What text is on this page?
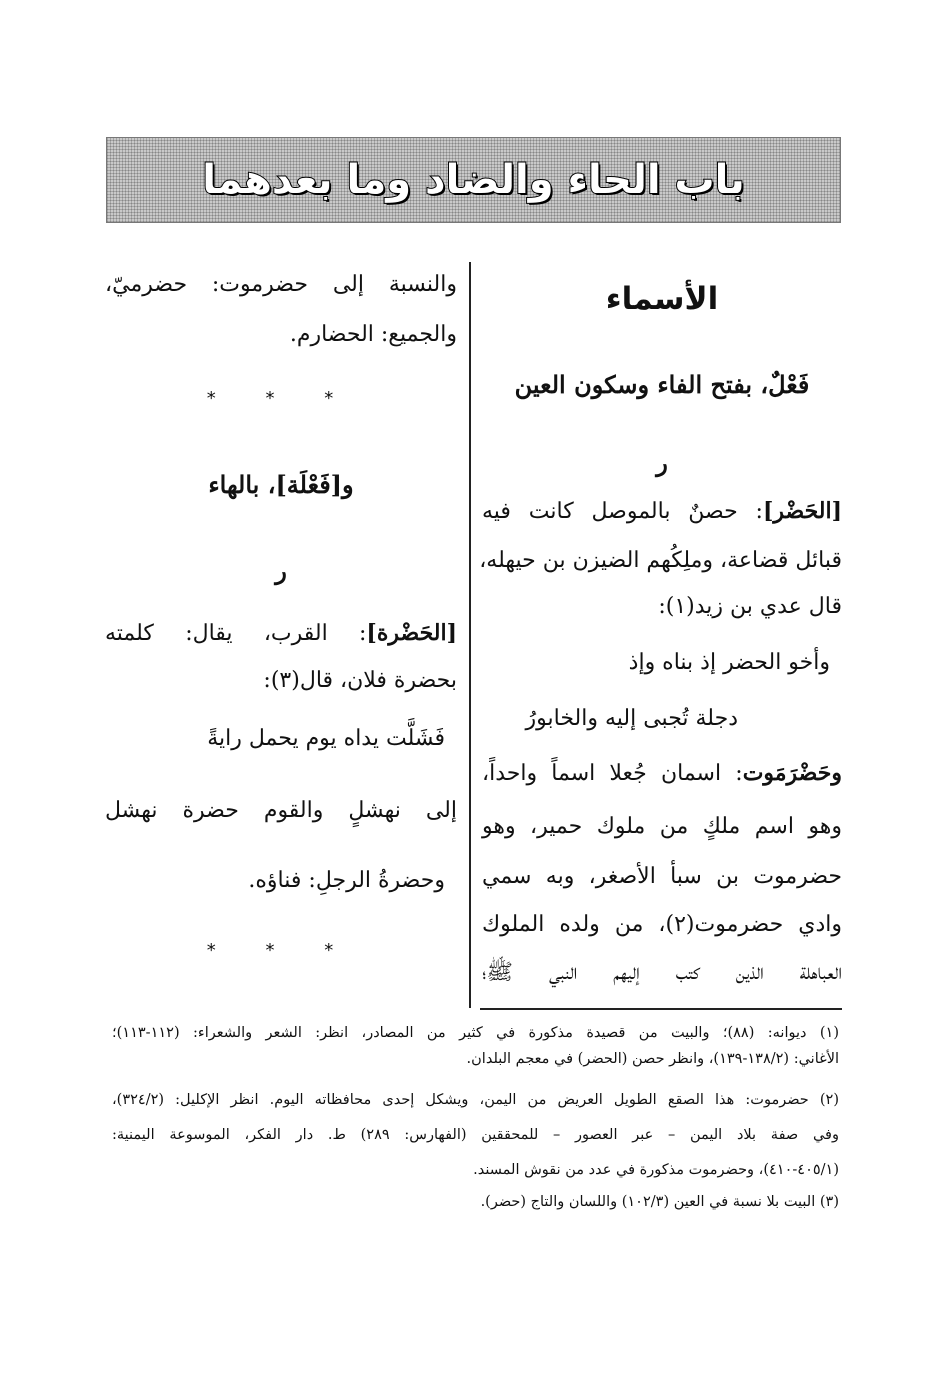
باب الحاء والضاد وما بعدهما
الأسماء
فَعْلٌ، بفتح الفاء وسكون العين
ر
[الحَضْر]: حصنٌ بالموصل كانت فيه
قبائل قضاعة، وملِكُهم الضيزن بن حيهله،
قال عدي بن زيد(١):
وأخو الحضر إذ بناه وإذ
دجلة تُجبى إليه والخابورُ
وحَضْرَمَوت: اسمان جُعلا اسماً واحداً،
وهو اسم ملكٍ من ملوك حمير، وهو
حضرموت بن سبأ الأصغر، وبه سمي
وادي حضرموت(٢)، من ولده الملوك
العباهلة الذين كتب إليهم النبي ﷺ؛
والنسبة إلى حضرموت: حضرميّ،
والجميع: الحضارم.
* * *
و[فَعْلَة]، بالهاء
ر
[الحَضْرة]: القرب، يقال: كلمته
بحضرة فلان، قال(٣):
فَشَلَّت يداه يوم يحمل رايةً
إلى نهشلٍ والقوم حضرة نهشل
وحضرةُ الرجلِ: فناؤه.
* * *
(١) ديوانه: (٨٨)؛ والبيت من قصيدة مذكورة في كثير من المصادر، انظر: الشعر والشعراء: (١١٢-١١٣)؛
الأغاني: (١٣٨/٢-١٣٩)، وانظر حصن (الحضر) في معجم البلدان.
(٢) حضرموت: هذا الصقع الطويل العريض من اليمن، ويشكل إحدى محافظاته اليوم. انظر الإكليل: (٣٢٤/٢)،
وفي صفة بلاد اليمن – عبر العصور – للمحققين (الفهارس: ٢٨٩) ط. دار الفكر، الموسوعة اليمنية:
(٤٠٥/١-٤١٠)، وحضرموت مذكورة في عدد من نقوش المسند.
(٣) البيت بلا نسبة في العين (١٠٢/٣) واللسان والتاج (حضر).
